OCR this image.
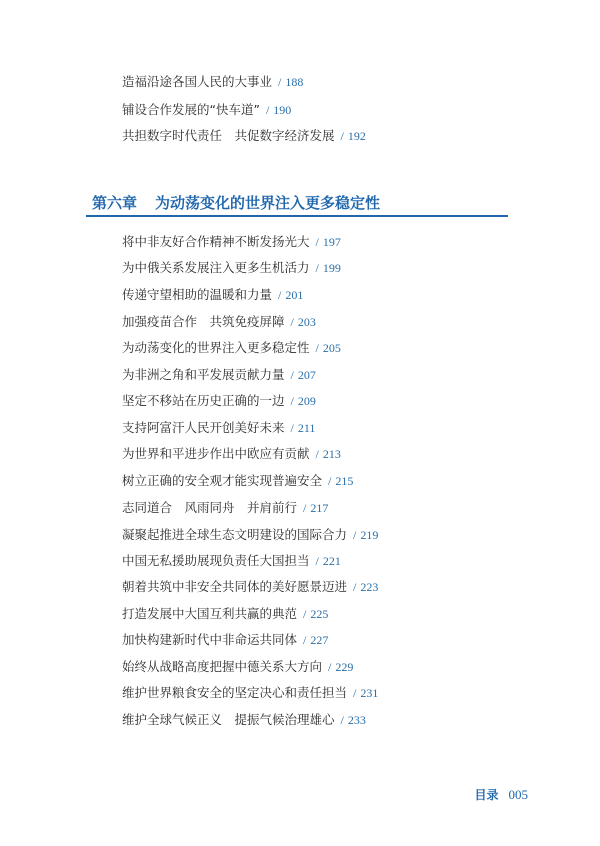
造福沿途各国人民的大事业 / 188
铺设合作发展的“快车道” / 190
共担数字时代责任　共促数字经济发展 / 192
第六章 为动荡变化的世界注入更多稳定性
将中非友好合作精神不断发扬光大 / 197
为中俄关系发展注入更多生机活力 / 199
传递守望相助的温暖和力量 / 201
加强疫苗合作　共筑免疫屏障 / 203
为动荡变化的世界注入更多稳定性 / 205
为非洲之角和平发展贡献力量 / 207
坚定不移站在历史正确的一边 / 209
支持阿富汗人民开创美好未来 / 211
为世界和平进步作出中欧应有贡献 / 213
树立正确的安全观才能实现普遍安全 / 215
志同道合　风雨同舟　并肩前行 / 217
凝聚起推进全球生态文明建设的国际合力 / 219
中国无私援助展现负责任大国担当 / 221
朝着共筑中非安全共同体的美好愿景迈进 / 223
打造发展中大国互利共赢的典范 / 225
加快构建新时代中非命运共同体 / 227
始终从战略高度把握中德关系大方向 / 229
维护世界粮食安全的坚定决心和责任担当 / 231
维护全球气候正义　提振气候治理雄心 / 233
目录 005
